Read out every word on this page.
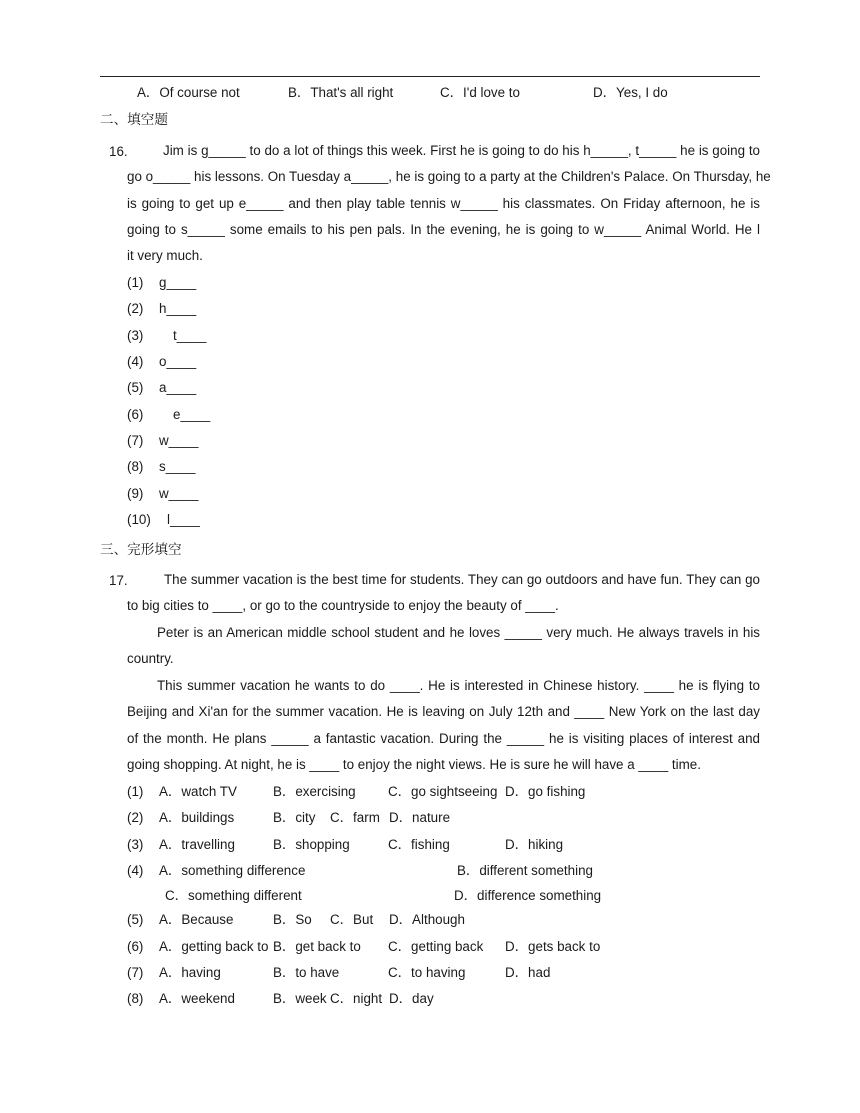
A．Of course not	B．That's all right	C．I'd love to	D．Yes, I do
二、填空题
16.	Jim is g_____ to do a lot of things this week. First he is going to do his h_____, t_____ he is going to
go o_____ his lessons. On Tuesday a_____, he is going to a party at the Children's Palace. On Thursday, he
is going to get up e_____ and then play table tennis w_____ his classmates. On Friday afternoon, he is
going to s_____ some emails to his pen pals. In the evening, he is going to w_____ Animal World. He l
it very much.
(1) g____
(2) h____
(3) t____
(4) o____
(5) a____
(6) e____
(7) w____
(8) s____
(9) w____
(10) l____
三、完形填空
17.	The summer vacation is the best time for students. They can go outdoors and have fun. They can go
to big cities to ____, or go to the countryside to enjoy the beauty of ____.
Peter is an American middle school student and he loves _____ very much. He always travels in his
country.
This summer vacation he wants to do ____. He is interested in Chinese history. ____ he is flying to
Beijing and Xi'an for the summer vacation. He is leaving on July 12th and ____ New York on the last day
of the month. He plans _____ a fantastic vacation. During the _____ he is visiting places of interest and
going shopping. At night, he is ____ to enjoy the night views. He is sure he will have a ____ time.
(1) A．watch TV	B．exercising C．go sightseeing D．go fishing
(2) A．buildings	B．city C．farm D．nature
(3) A．travelling	B．shopping	C．fishing	D．hiking
(4) A．something difference	B．different something
C．something different	D．difference something
(5) A．Because	B．So C．But D．Although
(6) A．getting back to B．get back to C．getting back D．gets back to
(7) A．having	B．to have	C．to having	D．had
(8) A．weekend	B．week C．night D．day
